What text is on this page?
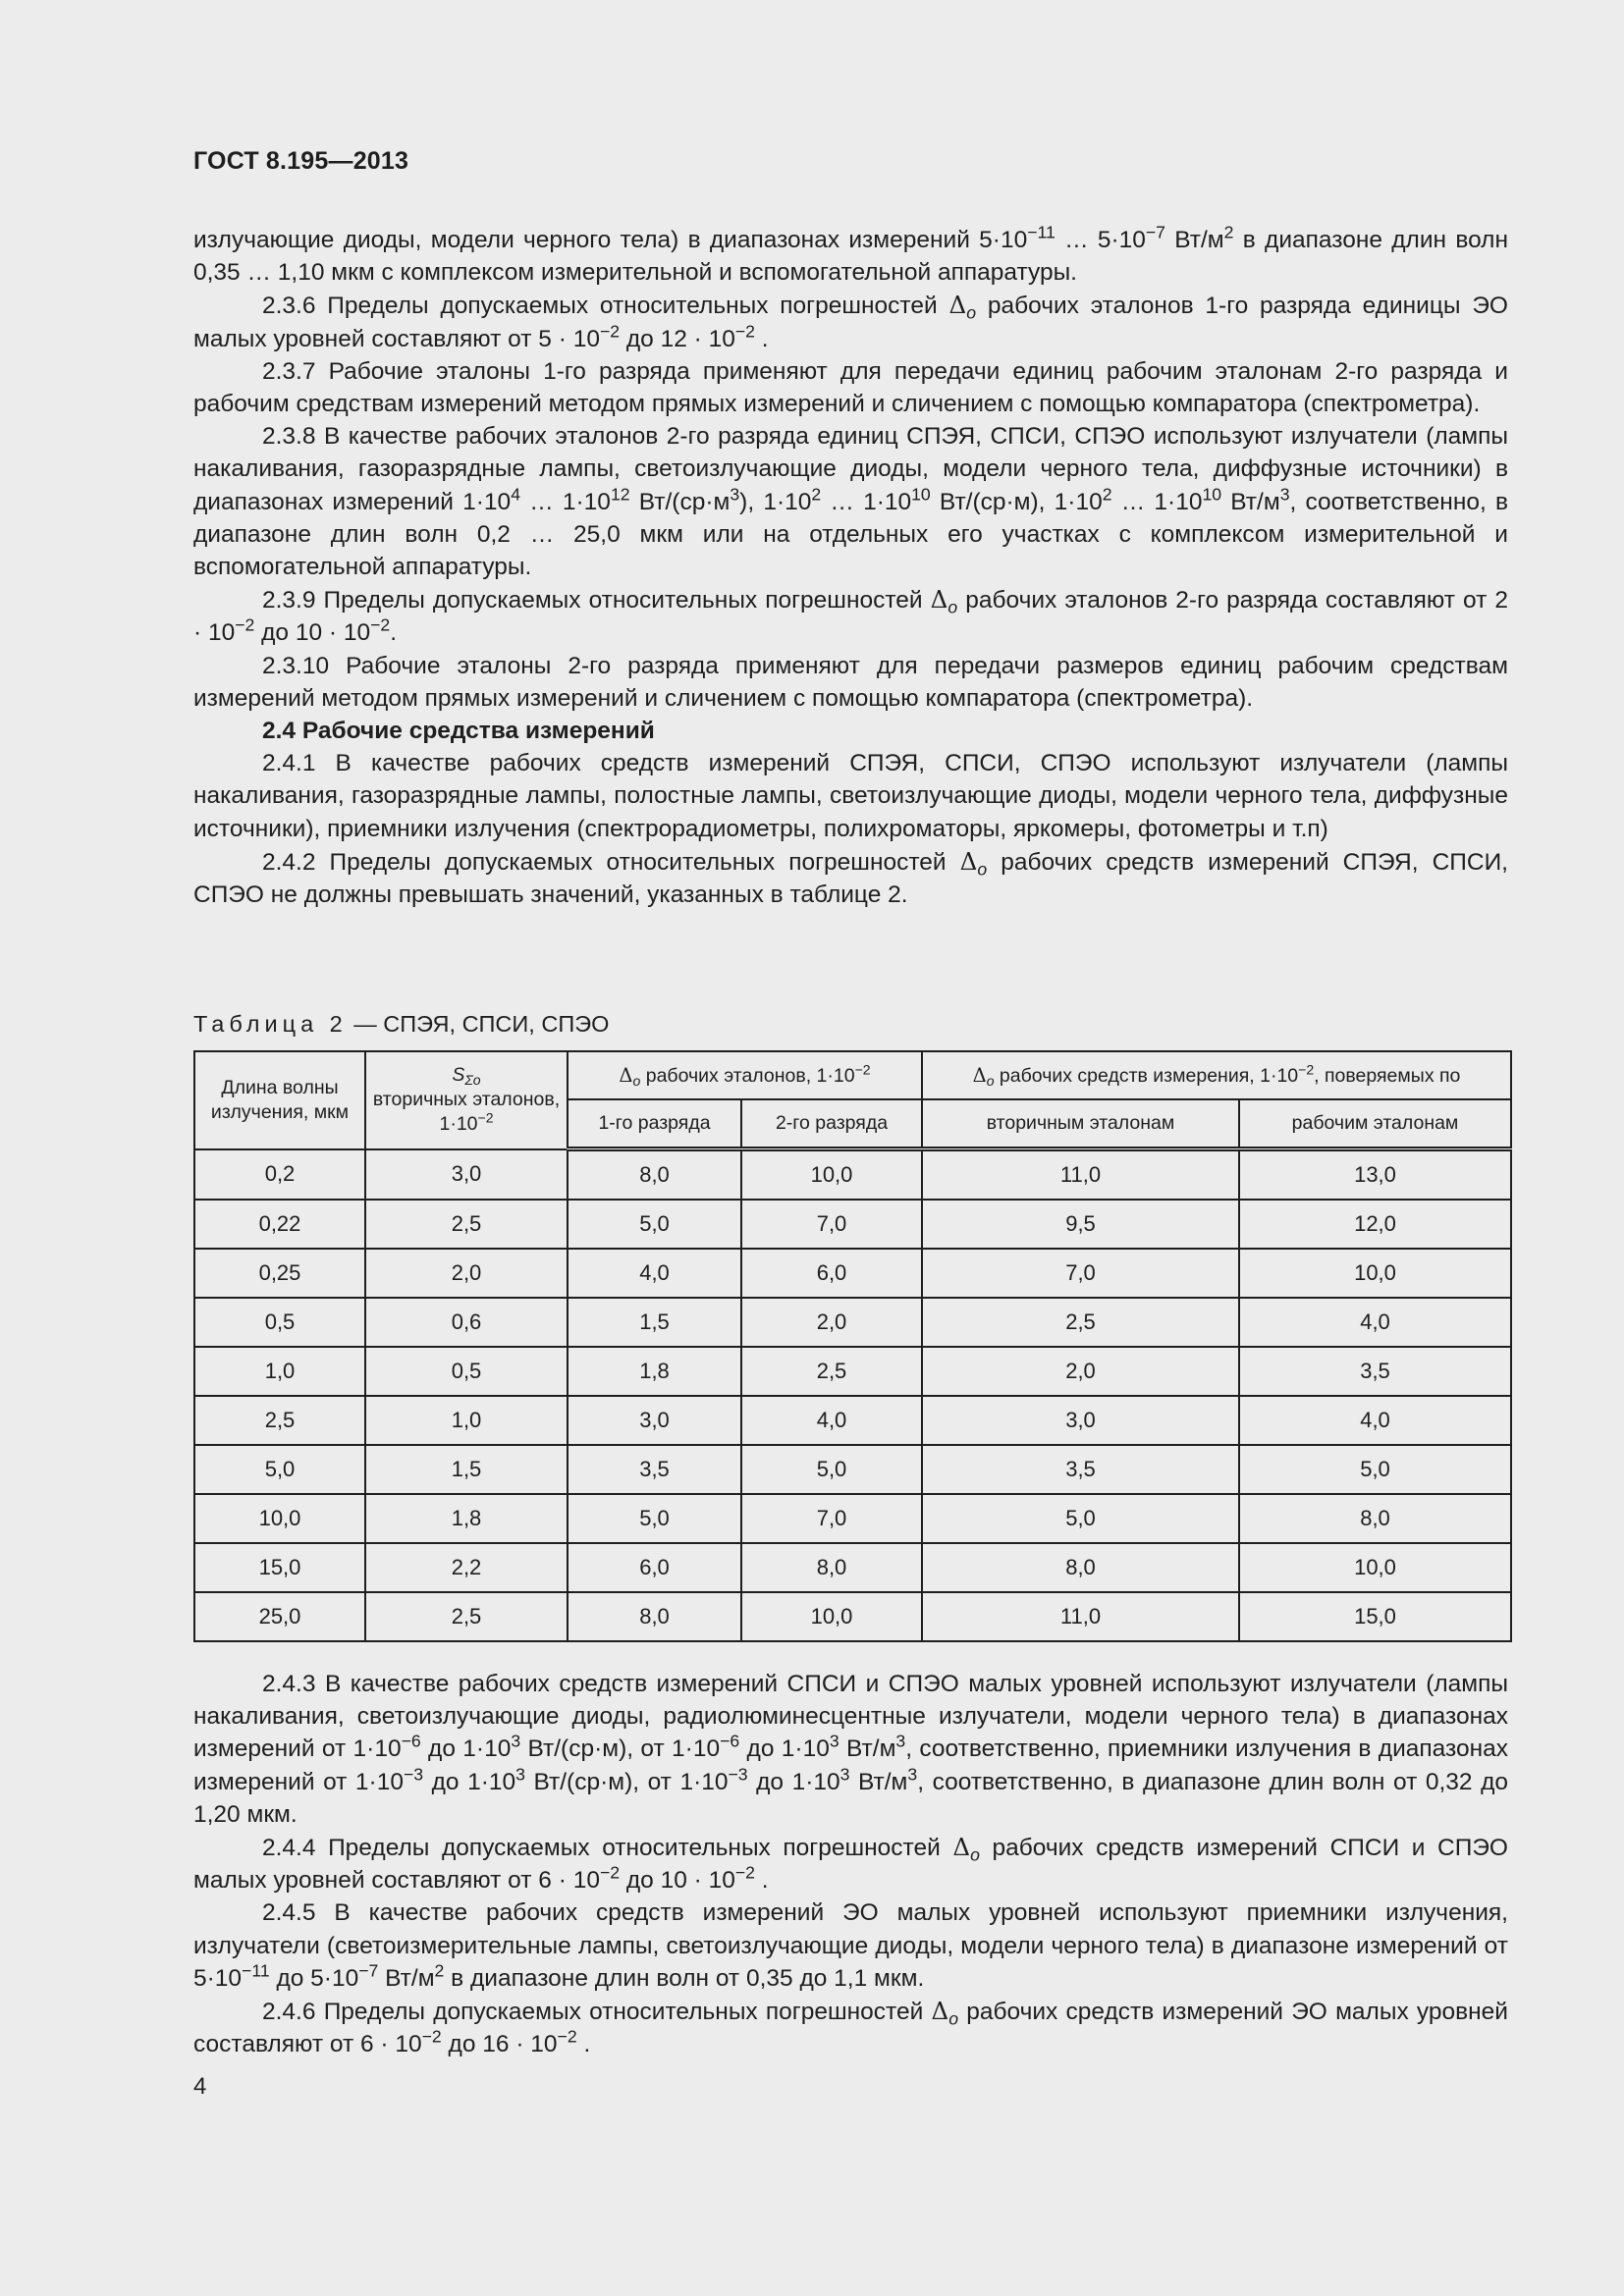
ГОСТ 8.195—2013

излучающие диоды, модели черного тела) в диапазонах измерений $5\cdot 10^{-11}$ … $5\cdot 10^{-7}$ $Вт/м^2$ в диапазоне длин волн 0,35 … 1,10 мкм с комплексом измерительной и вспомогательной аппаратуры.

2.3.6 Пределы допускаемых относительных погрешностей $\Delta_o$ рабочих эталонов 1-го разряда единицы ЭО малых уровней составляют от $5 \cdot 10^{-2}$ до $12 \cdot 10^{-2}$ .

2.3.7 Рабочие эталоны 1-го разряда применяют для передачи единиц рабочим эталонам 2-го разряда и рабочим средствам измерений методом прямых измерений и сличением с помощью компаратора (спектрометра).

2.3.8 В качестве рабочих эталонов 2-го разряда единиц СПЭЯ, СПСИ, СПЭО используют излучатели (лампы накаливания, газоразрядные лампы, светоизлучающие диоды, модели черного тела, диффузные источники) в диапазонах измерений $1\cdot 10^4$ … $1\cdot 10^{12}$ $Вт/(ср\cdot м^3)$, $1\cdot 10^2$ … $1\cdot 10^{10}$ Вт/(ср·м), $1\cdot 10^2$ … $1\cdot 10^{10}$ $Вт/м^3$, соответственно, в диапазоне длин волн 0,2 … 25,0 мкм или на отдельных его участках с комплексом измерительной и вспомогательной аппаратуры.

2.3.9 Пределы допускаемых относительных погрешностей $\Delta_o$ рабочих эталонов 2-го разряда составляют от $2 \cdot 10^{-2}$ до $10 \cdot 10^{-2}$.

2.3.10 Рабочие эталоны 2-го разряда применяют для передачи размеров единиц рабочим средствам измерений методом прямых измерений и сличением с помощью компаратора (спектрометра).

2.4 Рабочие средства измерений

2.4.1 В качестве рабочих средств измерений СПЭЯ, СПСИ, СПЭО используют излучатели (лампы накаливания, газоразрядные лампы, полостные лампы, светоизлучающие диоды, модели черного тела, диффузные источники), приемники излучения (спектрорадиометры, полихроматоры, яркомеры, фотометры и т.п)

2.4.2 Пределы допускаемых относительных погрешностей $\Delta_o$ рабочих средств измерений СПЭЯ, СПСИ, СПЭО не должны превышать значений, указанных в таблице 2.

Таблица 2 — СПЭЯ, СПСИ, СПЭО
Длина волны излучения, мкм	$S_{\Sigma o}$
вторичных эталонов, $1\cdot 10^{-2}$	$\Delta_o$ рабочих эталонов, $1\cdot 10^{-2}$		$\Delta_o$ рабочих средств измерения, $1\cdot 10^{-2}$, поверяемых по	
		1-го разряда	2-го разряда	вторичным эталонам	рабочим эталонам
0,2	3,0	8,0	10,0	11,0	13,0
0,22	2,5	5,0	7,0	9,5	12,0
0,25	2,0	4,0	6,0	7,0	10,0
0,5	0,6	1,5	2,0	2,5	4,0
1,0	0,5	1,8	2,5	2,0	3,5
2,5	1,0	3,0	4,0	3,0	4,0
5,0	1,5	3,5	5,0	3,5	5,0
10,0	1,8	5,0	7,0	5,0	8,0
15,0	2,2	6,0	8,0	8,0	10,0
25,0	2,5	8,0	10,0	11,0	15,0

2.4.3 В качестве рабочих средств измерений СПСИ и СПЭО малых уровней используют излучатели (лампы накаливания, светоизлучающие диоды, радиолюминесцентные излучатели, модели черного тела) в диапазонах измерений от $1\cdot 10^{-6}$ до $1\cdot 10^3$ Вт/(ср·м), от $1\cdot 10^{-6}$ до $1\cdot 10^3$ $Вт/м^3$, соответственно, приемники излучения в диапазонах измерений от $1\cdot 10^{-3}$ до $1\cdot 10^3$ Вт/(ср·м), от $1\cdot 10^{-3}$ до $1\cdot 10^3$ $Вт/м^3$, соответственно, в диапазоне длин волн от 0,32 до 1,20 мкм.

2.4.4 Пределы допускаемых относительных погрешностей $\Delta_o$ рабочих средств измерений СПСИ и СПЭО малых уровней составляют от $6 \cdot 10^{-2}$ до $10 \cdot 10^{-2}$ .

2.4.5 В качестве рабочих средств измерений ЭО малых уровней используют приемники излучения, излучатели (светоизмерительные лампы, светоизлучающие диоды, модели черного тела) в диапазоне измерений от $5\cdot 10^{-11}$ до $5\cdot 10^{-7}$ $Вт/м^2$ в диапазоне длин волн от 0,35 до 1,1 мкм.

2.4.6 Пределы допускаемых относительных погрешностей $\Delta_o$ рабочих средств измерений ЭО малых уровней составляют от $6 \cdot 10^{-2}$ до $16 \cdot 10^{-2}$ .

4
